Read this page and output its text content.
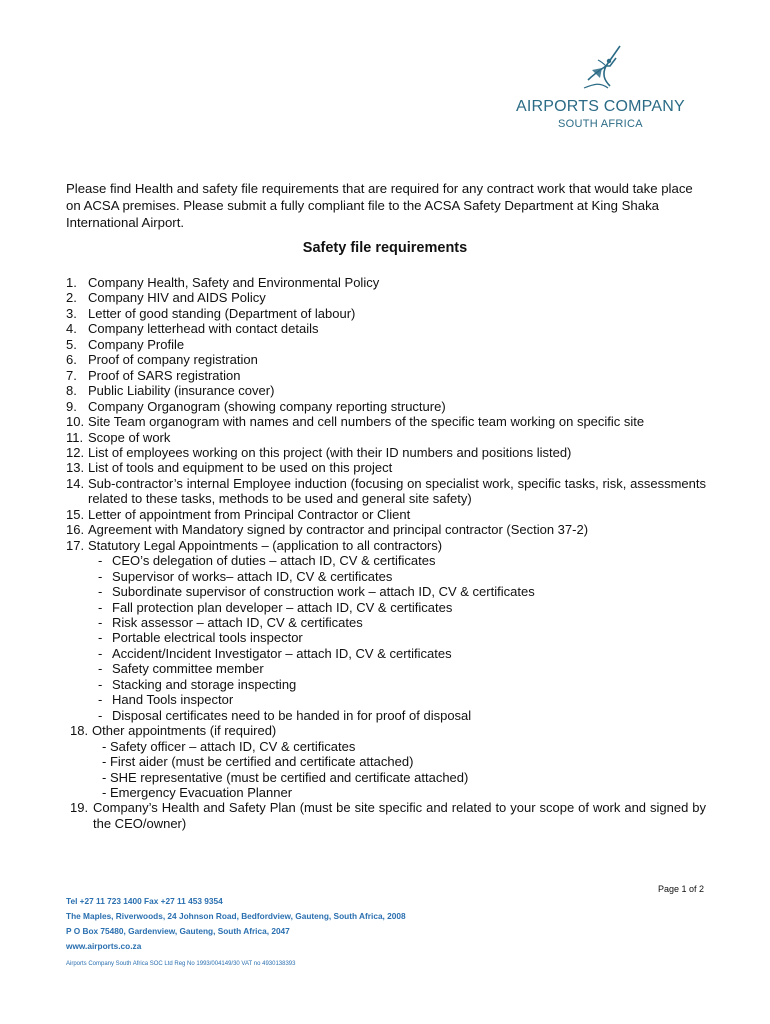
AIRPORTS COMPANY
SOUTH AFRICA

Please find Health and safety file requirements that are required for any contract work that would take place on ACSA premises. Please submit a fully compliant file to the ACSA Safety Department at King Shaka International Airport.

Safety file requirements
1. Company Health, Safety and Environmental Policy
2. Company HIV and AIDS Policy
3. Letter of good standing (Department of labour)
4. Company letterhead with contact details
5. Company Profile
6. Proof of company registration
7. Proof of SARS registration
8. Public Liability (insurance cover)
9. Company Organogram (showing company reporting structure)
10. Site Team organogram with names and cell numbers of the specific team working on specific site
11. Scope of work
12. List of employees working on this project (with their ID numbers and positions listed)
13. List of tools and equipment to be used on this project
14. Sub-contractor’s internal Employee induction (focusing on specialist work, specific tasks, risk, assessments related to these tasks, methods to be used and general site safety)
15. Letter of appointment from Principal Contractor or Client
16. Agreement with Mandatory signed by contractor and principal contractor (Section 37-2)
17. Statutory Legal Appointments – (application to all contractors)
- CEO’s delegation of duties – attach ID, CV & certificates
- Supervisor of works– attach ID, CV & certificates
- Subordinate supervisor of construction work – attach ID, CV & certificates
- Fall protection plan developer – attach ID, CV & certificates
- Risk assessor – attach ID, CV & certificates
- Portable electrical tools inspector
- Accident/Incident Investigator – attach ID, CV & certificates
- Safety committee member
- Stacking and storage inspecting
- Hand Tools inspector
- Disposal certificates need to be handed in for proof of disposal
18. Other appointments (if required)
- Safety officer – attach ID, CV & certificates
- First aider (must be certified and certificate attached)
- SHE representative (must be certified and certificate attached)
- Emergency Evacuation Planner
19. Company’s Health and Safety Plan (must be site specific and related to your scope of work and signed by the CEO/owner)
Page 1 of 2
Tel +27 11 723 1400 Fax +27 11 453 9354
The Maples, Riverwoods, 24 Johnson Road, Bedfordview, Gauteng, South Africa, 2008
P O Box 75480, Gardenview, Gauteng, South Africa, 2047
www.airports.co.za
Airports Company South Africa SOC Ltd Reg No 1993/004149/30 VAT no 4930138393
